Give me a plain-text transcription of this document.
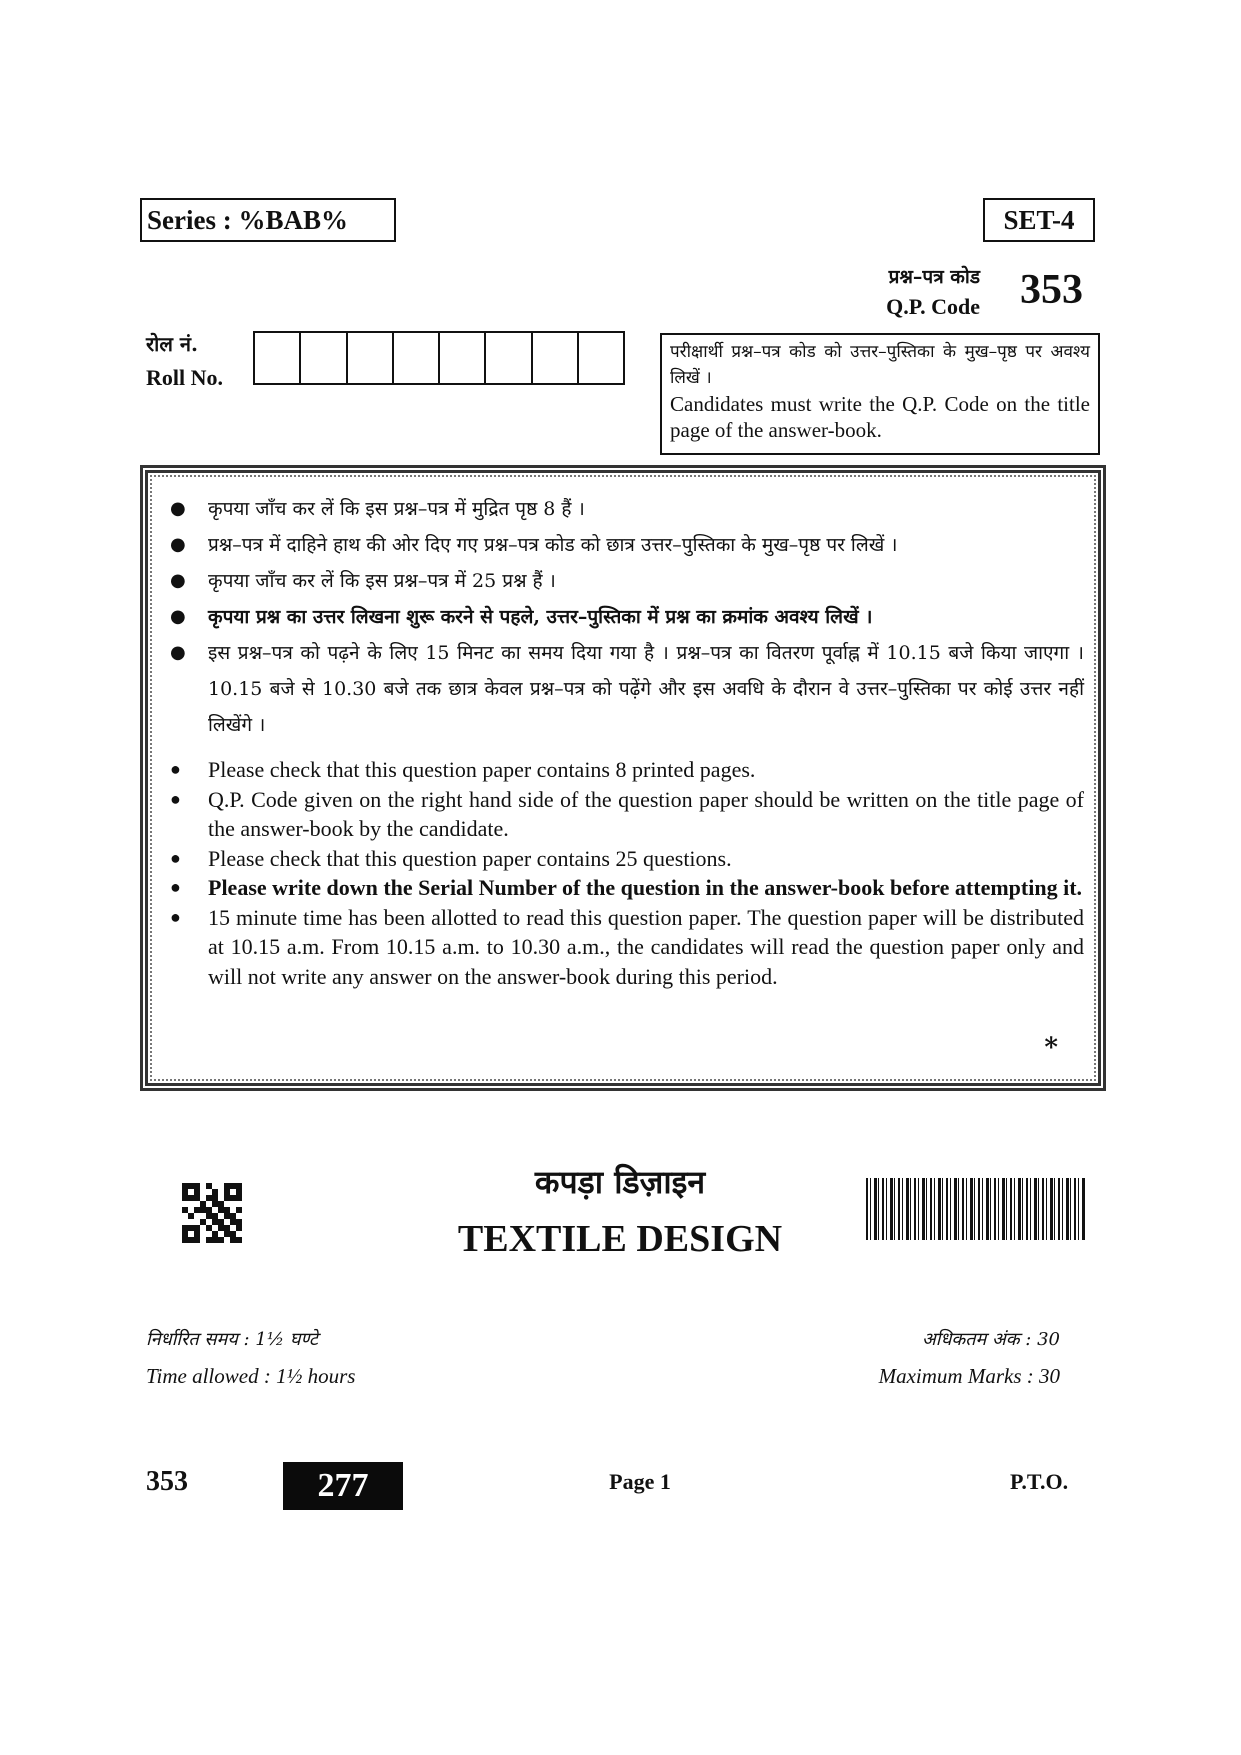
Series : %BAB%	SET-4
प्रश्न–पत्र कोड
Q.P. Code 353
रोल नं.
Roll No.
परीक्षार्थी प्रश्न–पत्र कोड को उत्तर–पुस्तिका के मुख–पृष्ठ पर अवश्य लिखें ।
Candidates must write the Q.P. Code on the title page of the answer-book.
● कृपया जाँच कर लें कि इस प्रश्न–पत्र में मुद्रित पृष्ठ 8 हैं ।
● प्रश्न–पत्र में दाहिने हाथ की ओर दिए गए प्रश्न–पत्र कोड को छात्र उत्तर–पुस्तिका के मुख–पृष्ठ पर लिखें ।
● कृपया जाँच कर लें कि इस प्रश्न–पत्र में 25 प्रश्न हैं ।
● कृपया प्रश्न का उत्तर लिखना शुरू करने से पहले, उत्तर–पुस्तिका में प्रश्न का क्रमांक अवश्य लिखें ।
● इस प्रश्न–पत्र को पढ़ने के लिए 15 मिनट का समय दिया गया है । प्रश्न–पत्र का वितरण पूर्वाह्न में 10.15 बजे किया जाएगा । 10.15 बजे से 10.30 बजे तक छात्र केवल प्रश्न–पत्र को पढ़ेंगे और इस अवधि के दौरान वे उत्तर–पुस्तिका पर कोई उत्तर नहीं लिखेंगे ।
● Please check that this question paper contains 8 printed pages.
● Q.P. Code given on the right hand side of the question paper should be written on the title page of the answer-book by the candidate.
● Please check that this question paper contains 25 questions.
● Please write down the Serial Number of the question in the answer-book before attempting it.
● 15 minute time has been allotted to read this question paper. The question paper will be distributed at 10.15 a.m. From 10.15 a.m. to 10.30 a.m., the candidates will read the question paper only and will not write any answer on the answer-book during this period.
*
कपड़ा डिज़ाइन
TEXTILE DESIGN
निर्धारित समय : 1½ घण्टे
Time allowed : 1½ hours
अधिकतम अंक : 30
Maximum Marks : 30
353	277	Page 1	P.T.O.
